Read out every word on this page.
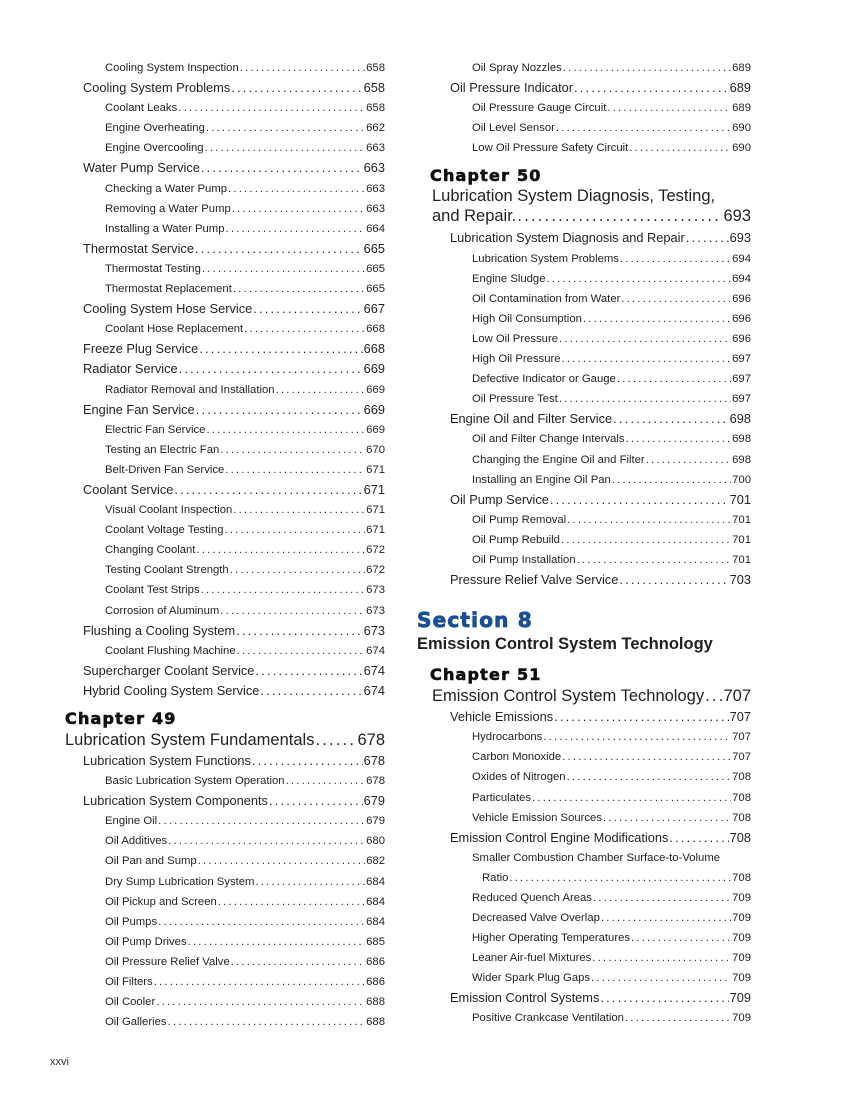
Cooling System Inspection .....	658
Cooling System Problems .....	658
Coolant Leaks .....	658
Engine Overheating .....	662
Engine Overcooling .....	663
Water Pump Service .....	663
Checking a Water Pump .....	663
Removing a Water Pump .....	663
Installing a Water Pump .....	664
Thermostat Service .....	665
Thermostat Testing .....	665
Thermostat Replacement .....	665
Cooling System Hose Service .....	667
Coolant Hose Replacement .....	668
Freeze Plug Service .....	668
Radiator Service .....	669
Radiator Removal and Installation .....	669
Engine Fan Service .....	669
Electric Fan Service .....	669
Testing an Electric Fan .....	670
Belt-Driven Fan Service .....	671
Coolant Service .....	671
Visual Coolant Inspection .....	671
Coolant Voltage Testing .....	671
Changing Coolant .....	672
Testing Coolant Strength .....	672
Coolant Test Strips .....	673
Corrosion of Aluminum .....	673
Flushing a Cooling System .....	673
Coolant Flushing Machine .....	674
Supercharger Coolant Service .....	674
Hybrid Cooling System Service .....	674
Chapter 49
Lubrication System Fundamentals .....	678
Lubrication System Functions .....	678
Basic Lubrication System Operation .....	678
Lubrication System Components .....	679
Engine Oil .....	679
Oil Additives .....	680
Oil Pan and Sump .....	682
Dry Sump Lubrication System .....	684
Oil Pickup and Screen .....	684
Oil Pumps .....	684
Oil Pump Drives .....	685
Oil Pressure Relief Valve .....	686
Oil Filters .....	686
Oil Cooler .....	688
Oil Galleries .....	688
Oil Spray Nozzles .....	689
Oil Pressure Indicator .....	689
Oil Pressure Gauge Circuit .....	689
Oil Level Sensor .....	690
Low Oil Pressure Safety Circuit .....	690
Chapter 50
Lubrication System Diagnosis, Testing,
and Repair. .....	693
Lubrication System Diagnosis and Repair .....	693
Lubrication System Problems .....	694
Engine Sludge .....	694
Oil Contamination from Water .....	696
High Oil Consumption .....	696
Low Oil Pressure .....	696
High Oil Pressure .....	697
Defective Indicator or Gauge .....	697
Oil Pressure Test .....	697
Engine Oil and Filter Service .....	698
Oil and Filter Change Intervals .....	698
Changing the Engine Oil and Filter .....	698
Installing an Engine Oil Pan .....	700
Oil Pump Service .....	701
Oil Pump Removal .....	701
Oil Pump Rebuild .....	701
Oil Pump Installation .....	701
Pressure Relief Valve Service .....	703
Section 8
Emission Control System Technology
Chapter 51
Emission Control System Technology ..... 707
Vehicle Emissions .....	707
Hydrocarbons .....	707
Carbon Monoxide .....	707
Oxides of Nitrogen .....	708
Particulates .....	708
Vehicle Emission Sources .....	708
Emission Control Engine Modifications .....	708
Smaller Combustion Chamber Surface-to-Volume
Ratio .....	708
Reduced Quench Areas .....	709
Decreased Valve Overlap .....	709
Higher Operating Temperatures .....	709
Leaner Air-fuel Mixtures .....	709
Wider Spark Plug Gaps .....	709
Emission Control Systems .....	709
Positive Crankcase Ventilation .....	709
xxvi
